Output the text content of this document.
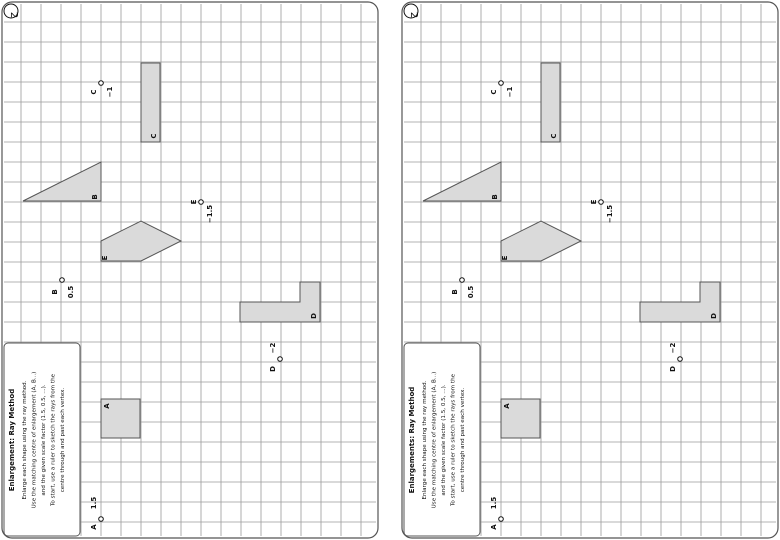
2
Enlargement: Ray Method Enlarge each shape using the ray method. Use the matching centre of enlargement (A, B...) and the given scale factor (1.5, 0.5, ...). To start, use a ruler to sketch the rays from the centre through and past each vertex.	A
B
C
D
E
A
1.5
B 0.5
C −1
D
−2
E
−1.5
2
Enlargements: Ray Method Enlarge each shape using the ray method. Use the matching centre of enlargement (A, B...) and the given scale factor (1.5, 0.5, ...). To start, use a ruler to sketch the rays from the centre through and past each vertex.	A
B
C
D
E
A
1.5
B 0.5
C −1
D
−2
E
−1.5
